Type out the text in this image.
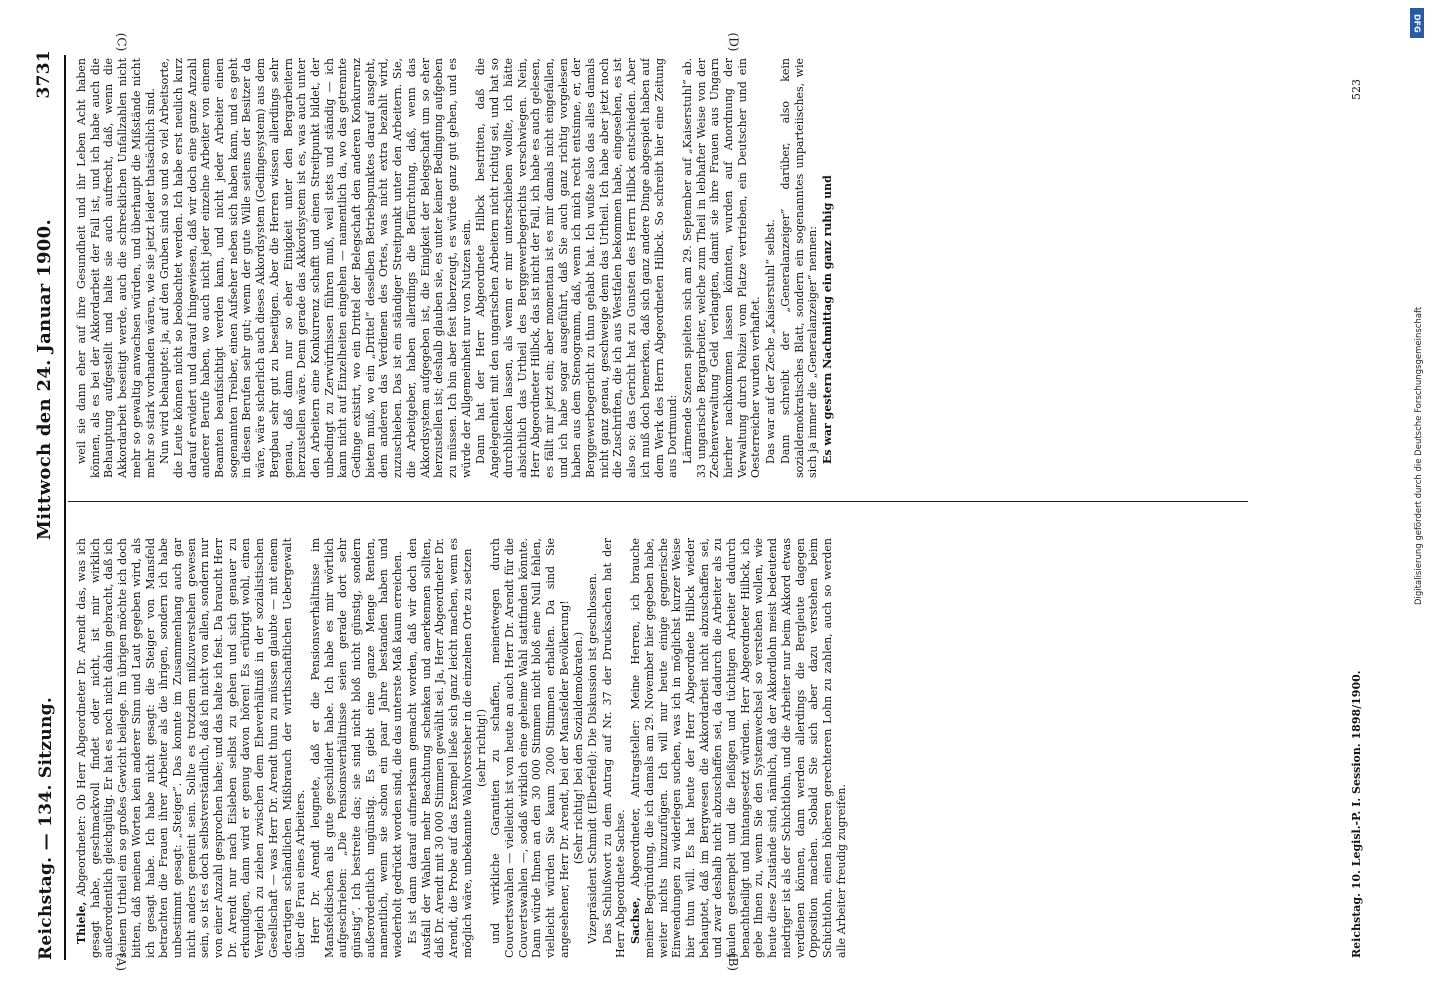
Reichstag. — 134. Sitzung.
Mittwoch den 24. Januar 1900.
3731

Thiele, Abgeordneter: Ob Herr Abgeordneter Dr. Arendt das, was ich gesagt habe, geschmackvoll findet oder nicht, ist mir wirklich außerordentlich gleichgültig. Er hat es noch nicht dahin gebracht, daß ich seinem Urtheil ein so großes Gewicht beilege. Im übrigen möchte ich doch bitten, daß meinen Worten kein anderer Sinn und Laut gegeben wird, als ich gesagt habe. Ich habe nicht gesagt: die Steiger von Mansfeld betrachten die Frauen ihrer Arbeiter als die ihrigen, sondern ich habe unbestimmt gesagt: „Steiger“. Das konnte im Zusammenhang auch gar nicht anders gemeint sein. Sollte es trotzdem mißzuverstehen gewesen sein, so ist es doch selbstverständlich, daß ich nicht von allen, sondern nur von einer Anzahl gesprochen habe; und das halte ich fest. Da braucht Herr Dr. Arendt nur nach Eisleben selbst zu gehen und sich genauer zu erkundigen, dann wird er genug davon hören! Es erübrigt wohl, einen Vergleich zu ziehen zwischen dem Eheverhältniß in der sozialistischen Gesellschaft — was Herr Dr. Arendt thun zu müssen glaubte — mit einem derartigen schändlichen Mißbrauch der wirthschaftlichen Uebergewalt über die Frau eines Arbeiters. Herr Dr. Arendt leugnete, daß er die Pensionsverhältnisse im Mansfeldischen als gute geschildert habe. Ich habe es mir wörtlich aufgeschrieben: „Die Pensionsverhältnisse seien gerade dort sehr günstig“. Ich bestreite das; sie sind nicht bloß nicht günstig, sondern außerordentlich ungünstig. Es giebt eine ganze Menge Renten, namentlich, wenn sie schon ein paar Jahre bestanden haben und wiederholt gedrückt worden sind, die das unterste Maß kaum erreichen. Es ist dann darauf aufmerksam gemacht worden, daß wir doch den Ausfall der Wahlen mehr Beachtung schenken und anerkennen sollten, daß Dr. Arendt mit 30 000 Stimmen gewählt sei. Ja, Herr Abgeordneter Dr. Arendt, die Probe auf das Exempel ließe sich ganz leicht machen, wenn es möglich wäre, unbekannte Wahlvorsteher in die einzelnen Orte zu setzen (sehr richtig!) und wirkliche Garantien zu schaffen, meinetwegen durch Couvertswahlen — vielleicht ist von heute an auch Herr Dr. Arendt für die Couvertswahlen —, sodaß wirklich eine geheime Wahl stattfinden könnte. Dann würde Ihnen an den 30 000 Stimmen nicht bloß eine Null fehlen, vielleicht würden Sie kaum 2000 Stimmen erhalten. Da sind Sie angesehener, Herr Dr. Arendt, bei der Mansfelder Bevölkerung! (Sehr richtig! bei den Sozialdemokraten.) Vizepräsident Schmidt (Elberfeld): Die Diskussion ist geschlossen. Das Schlußwort zu dem Antrag auf Nr. 37 der Drucksachen hat der Herr Abgeordnete Sachse. Sachse, Abgeordneter, Antragsteller: Meine Herren, ich brauche meiner Begründung, die ich damals am 29. November hier gegeben habe, weiter nichts hinzuzufügen. Ich will nur heute einige gegnerische Einwendungen zu widerlegen suchen, was ich in möglichst kurzer Weise hier thun will. Es hat heute der Herr Abgeordnete Hilbck wieder behauptet, daß im Bergwesen die Akkordarbeit nicht abzuschaffen sei, und zwar deshalb nicht abzuschaffen sei, da dadurch die Arbeiter als zu faulen gestempelt und die fleißigen und tüchtigen Arbeiter dadurch benachtheiligt und hintangesetzt würden. Herr Abgeordneter Hilbck, ich gebe Ihnen zu, wenn Sie den Systemwechsel so verstehen wollen, wie heute diese Zustände sind, nämlich, daß der Akkordlohn meist bedeutend niedriger ist als der Schichtlohn, und die Arbeiter nur beim Akkord etwas verdienen können, dann werden allerdings die Bergleute dagegen Opposition machen. Sobald Sie sich aber dazu verstehen beim Schichtlohn, einen höheren gerechteren Lohn zu zahlen, auch so werden alle Arbeiter freudig zugreifen.

weil sie dann eher auf ihre Gesundheit und ihr Leben Acht haben können, als es bei der Akkordarbeit der Fall ist, und ich habe auch die Behauptung aufgestellt und halte sie auch aufrecht, daß, wenn die Akkordarbeit beseitigt werde, auch die schrecklichen Unfallzahlen nicht mehr so gewaltig anwachsen würden, und überhaupt die Mißstände nicht mehr so stark vorhanden wären, wie sie jetzt leider thatsächlich sind. Nun wird behauptet: ja, auf den Gruben sind so und so viel Arbeitsorte, die Leute können nicht so beobachtet werden. Ich habe erst neulich kurz darauf erwidert und darauf hingewiesen, daß wir doch eine ganze Anzahl anderer Berufe haben, wo auch nicht jeder einzelne Arbeiter von einem Beamten beaufsichtigt werden kann, und nicht jeder Arbeiter einen sogenannten Treiber, einen Aufseher neben sich haben kann, und es geht in diesen Berufen sehr gut; wenn der gute Wille seitens der Besitzer da wäre, wäre sicherlich auch dieses Akkordsystem (Gedingesystem) aus dem Bergbau sehr gut zu beseitigen. Aber die Herren wissen allerdings sehr genau, daß dann nur so eher Einigkeit unter den Bergarbeitern herzustellen wäre. Denn gerade das Akkordsystem ist es, was auch unter den Arbeitern eine Konkurrenz schafft und einen Streitpunkt bildet, der unbedingt zu Zerwürfnissen führen muß, weil stets und ständig — ich kann nicht auf Einzelheiten eingehen — namentlich da, wo das getrennte Gedinge existirt, wo ein Drittel der Belegschaft den anderen Konkurrenz bieten muß, wo ein „Drittel“ desselben Betriebspunktes darauf ausgeht, dem anderen das Verdienen des Ortes, was nicht extra bezahlt wird, zuzuschieben. Das ist ein ständiger Streitpunkt unter den Arbeitern. Sie, die Arbeitgeber, haben allerdings die Befürchtung, daß, wenn das Akkordsystem aufgegeben ist, die Einigkeit der Belegschaft um so eher herzustellen ist; deshalb glauben sie, es unter keiner Bedingung aufgeben zu müssen. Ich bin aber fest überzeugt, es würde ganz gut gehen, und es würde der Allgemeinheit nur von Nutzen sein. Dann hat der Herr Abgeordnete Hilbck bestritten, daß die Angelegenheit mit den ungarischen Arbeitern nicht richtig sei, und hat so durchblicken lassen, als wenn er mir unterschieben wollte, ich hätte absichtlich das Urtheil des Berggewerbegerichts verschwiegen. Nein, Herr Abgeordneter Hilbck, das ist nicht der Fall, ich habe es auch gelesen, es fällt mir jetzt ein; aber momentan ist es mir damals nicht eingefallen, und ich habe sogar ausgeführt, daß Sie auch ganz richtig vorgelesen haben aus dem Stenogramm, daß, wenn ich mich recht entsinne, er, der Berggewerbegericht zu thun gehabt hat. Ich wußte also das alles damals nicht ganz genau, geschweige denn das Urtheil. Ich habe aber jetzt noch die Zuschriften, die ich aus Westfalen bekommen habe, eingesehen, es ist also so: das Gericht hat zu Gunsten des Herrn Hilbck entschieden. Aber ich muß doch bemerken, daß sich ganz andere Dinge abgespielt haben auf dem Werk des Herrn Abgeordneten Hilbck. So schreibt hier eine Zeitung aus Dortmund: Lärmende Szenen spielten sich am 29. September auf „Kaiserstuhl“ ab. 33 ungarische Bergarbeiter, welche zum Theil in lebhafter Weise von der Zechenverwaltung Geld verlangten, damit sie ihre Frauen aus Ungarn hierher nachkommen lassen könnten, wurden auf Anordnung der Verwaltung durch Polizei vom Platze vertrieben, ein Deutscher und ein Oesterreicher wurden verhaftet. Das war auf der Zeche „Kaiserstuhl“ selbst. Dann schreibt der „Generalanzeiger“ darüber, also kein sozialdemokratisches Blatt, sondern ein sogenanntes unparteiisches, wie sich ja immer die „Generalanzeiger“ nennen: Es war gestern Nachmittag ein ganz ruhig und

Reichstag. 10. Legisl.-P. I. Session. 1898/1900.
523
(A)	(B)
(C)	(D)
DFG
Digitalisierung gefördert durch die Deutsche Forschungsgemeinschaft
